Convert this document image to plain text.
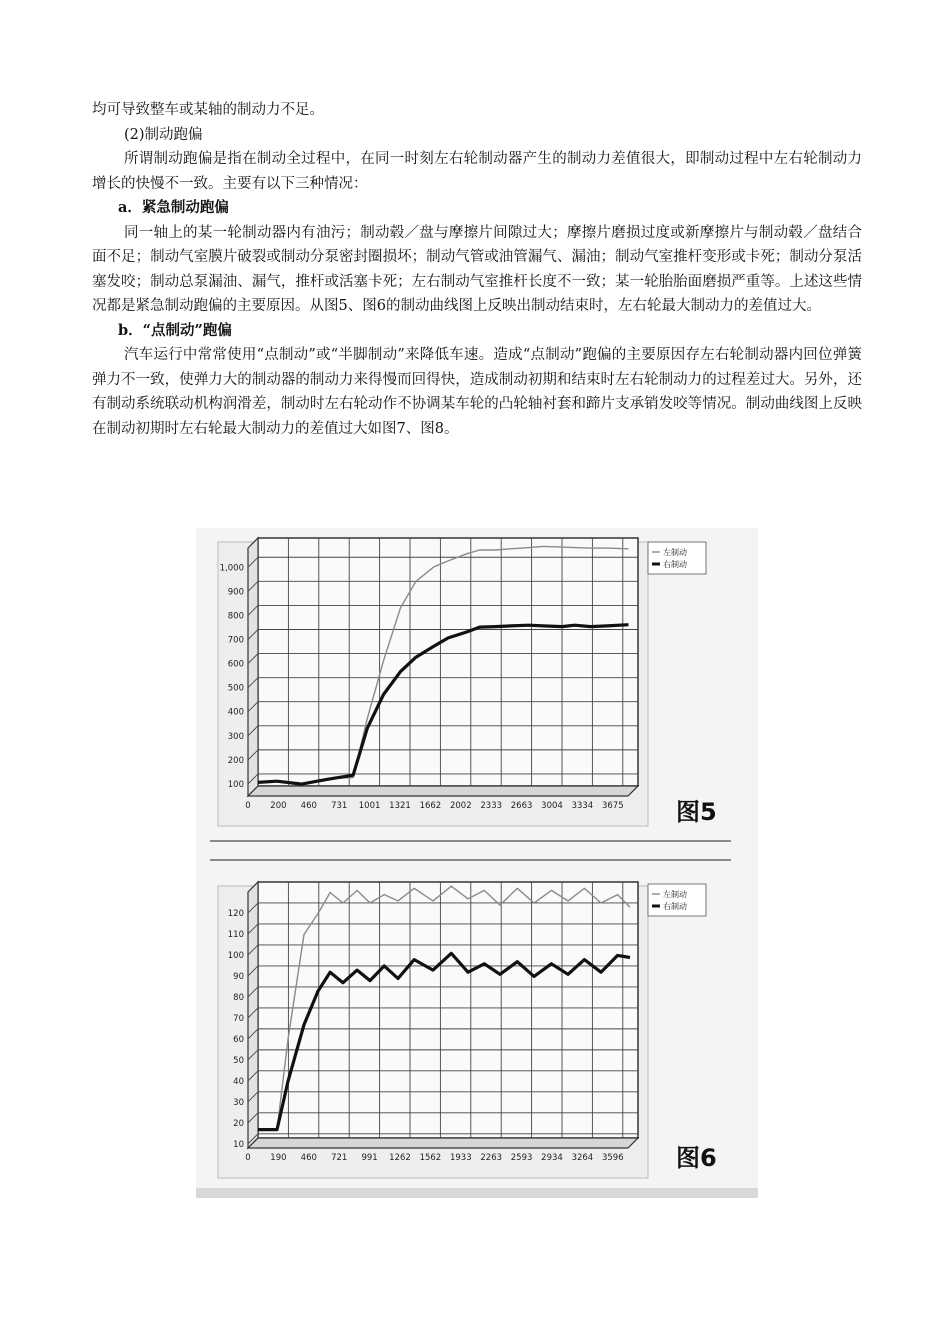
均可导致整车或某轴的制动力不足。

(2)制动跑偏

所谓制动跑偏是指在制动全过程中，在同一时刻左右轮制动器产生的制动力差值很大，即制动过程中左右轮制动力增长的快慢不一致。主要有以下三种情况：

a．紧急制动跑偏

同一轴上的某一轮制动器内有油污；制动毂／盘与摩擦片间隙过大；摩擦片磨损过度或新摩擦片与制动毂／盘结合面不足；制动气室膜片破裂或制动分泵密封圈损坏；制动气管或油管漏气、漏油；制动气室推杆变形或卡死；制动分泵活塞发咬；制动总泵漏油、漏气，推杆或活塞卡死；左右制动气室推杆长度不一致；某一轮胎胎面磨损严重等。上述这些情况都是紧急制动跑偏的主要原因。从图5、图6的制动曲线图上反映出制动结束时，左右轮最大制动力的差值过大。

b．“点制动”跑偏

汽车运行中常常使用“点制动”或“半脚制动”来降低车速。造成“点制动”跑偏的主要原因存左右轮制动器内回位弹簧弹力不一致，使弹力大的制动器的制动力来得慢而回得快，造成制动初期和结束时左右轮制动力的过程差过大。另外，还有制动系统联动机构润滑差，制动时左右轮动作不协调某车轮的凸轮轴衬套和蹄片支承销发咬等情况。制动曲线图上反映在制动初期时左右轮最大制动力的差值过大如图7、图8。

100
200
300
400
500
600
700
800
900
1,000
0 200 460 731 1001 1321 1662 2002 2333 2663 3004 3334 3675
左制动
右制动
图5
10
20
30
40
50
60
70
80
90
100
110
120
0 190 460 721 991 1262 1562 1933 2263 2593 2934 3264 3596
左制动
右制动
图6
